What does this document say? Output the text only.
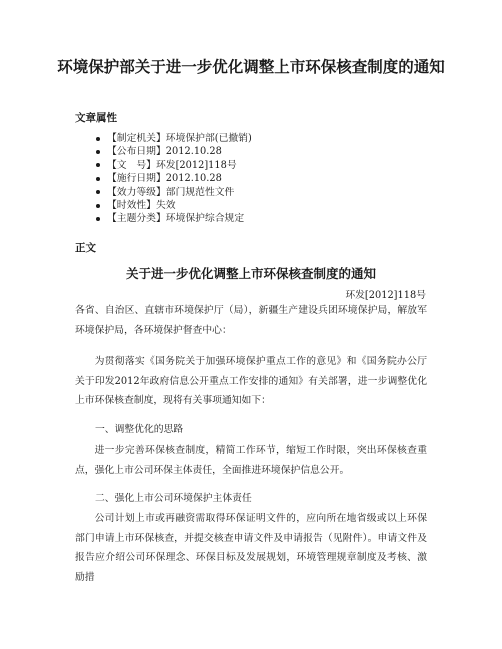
环境保护部关于进一步优化调整上市环保核查制度的通知
文章属性
【制定机关】环境保护部(已撤销)
【公布日期】2012.10.28
【文　号】环发[2012]118号
【施行日期】2012.10.28
【效力等级】部门规范性文件
【时效性】失效
【主题分类】环境保护综合规定
正文
关于进一步优化调整上市环保核查制度的通知
环发[2012]118号

各省、自治区、直辖市环境保护厅（局），新疆生产建设兵团环境保护局，解放军环境保护局，各环境保护督查中心：

为贯彻落实《国务院关于加强环境保护重点工作的意见》和《国务院办公厅关于印发2012年政府信息公开重点工作安排的通知》有关部署，进一步调整优化上市环保核查制度，现将有关事项通知如下：

一、调整优化的思路

进一步完善环保核查制度，精简工作环节，缩短工作时限，突出环保核查重点，强化上市公司环保主体责任，全面推进环境保护信息公开。

二、强化上市公司环境保护主体责任

公司计划上市或再融资需取得环保证明文件的，应向所在地省级或以上环保部门申请上市环保核查，并提交核查申请文件及申请报告（见附件）。申请文件及报告应介绍公司环保理念、环保目标及发展规划，环境管理规章制度及考核、激励措
